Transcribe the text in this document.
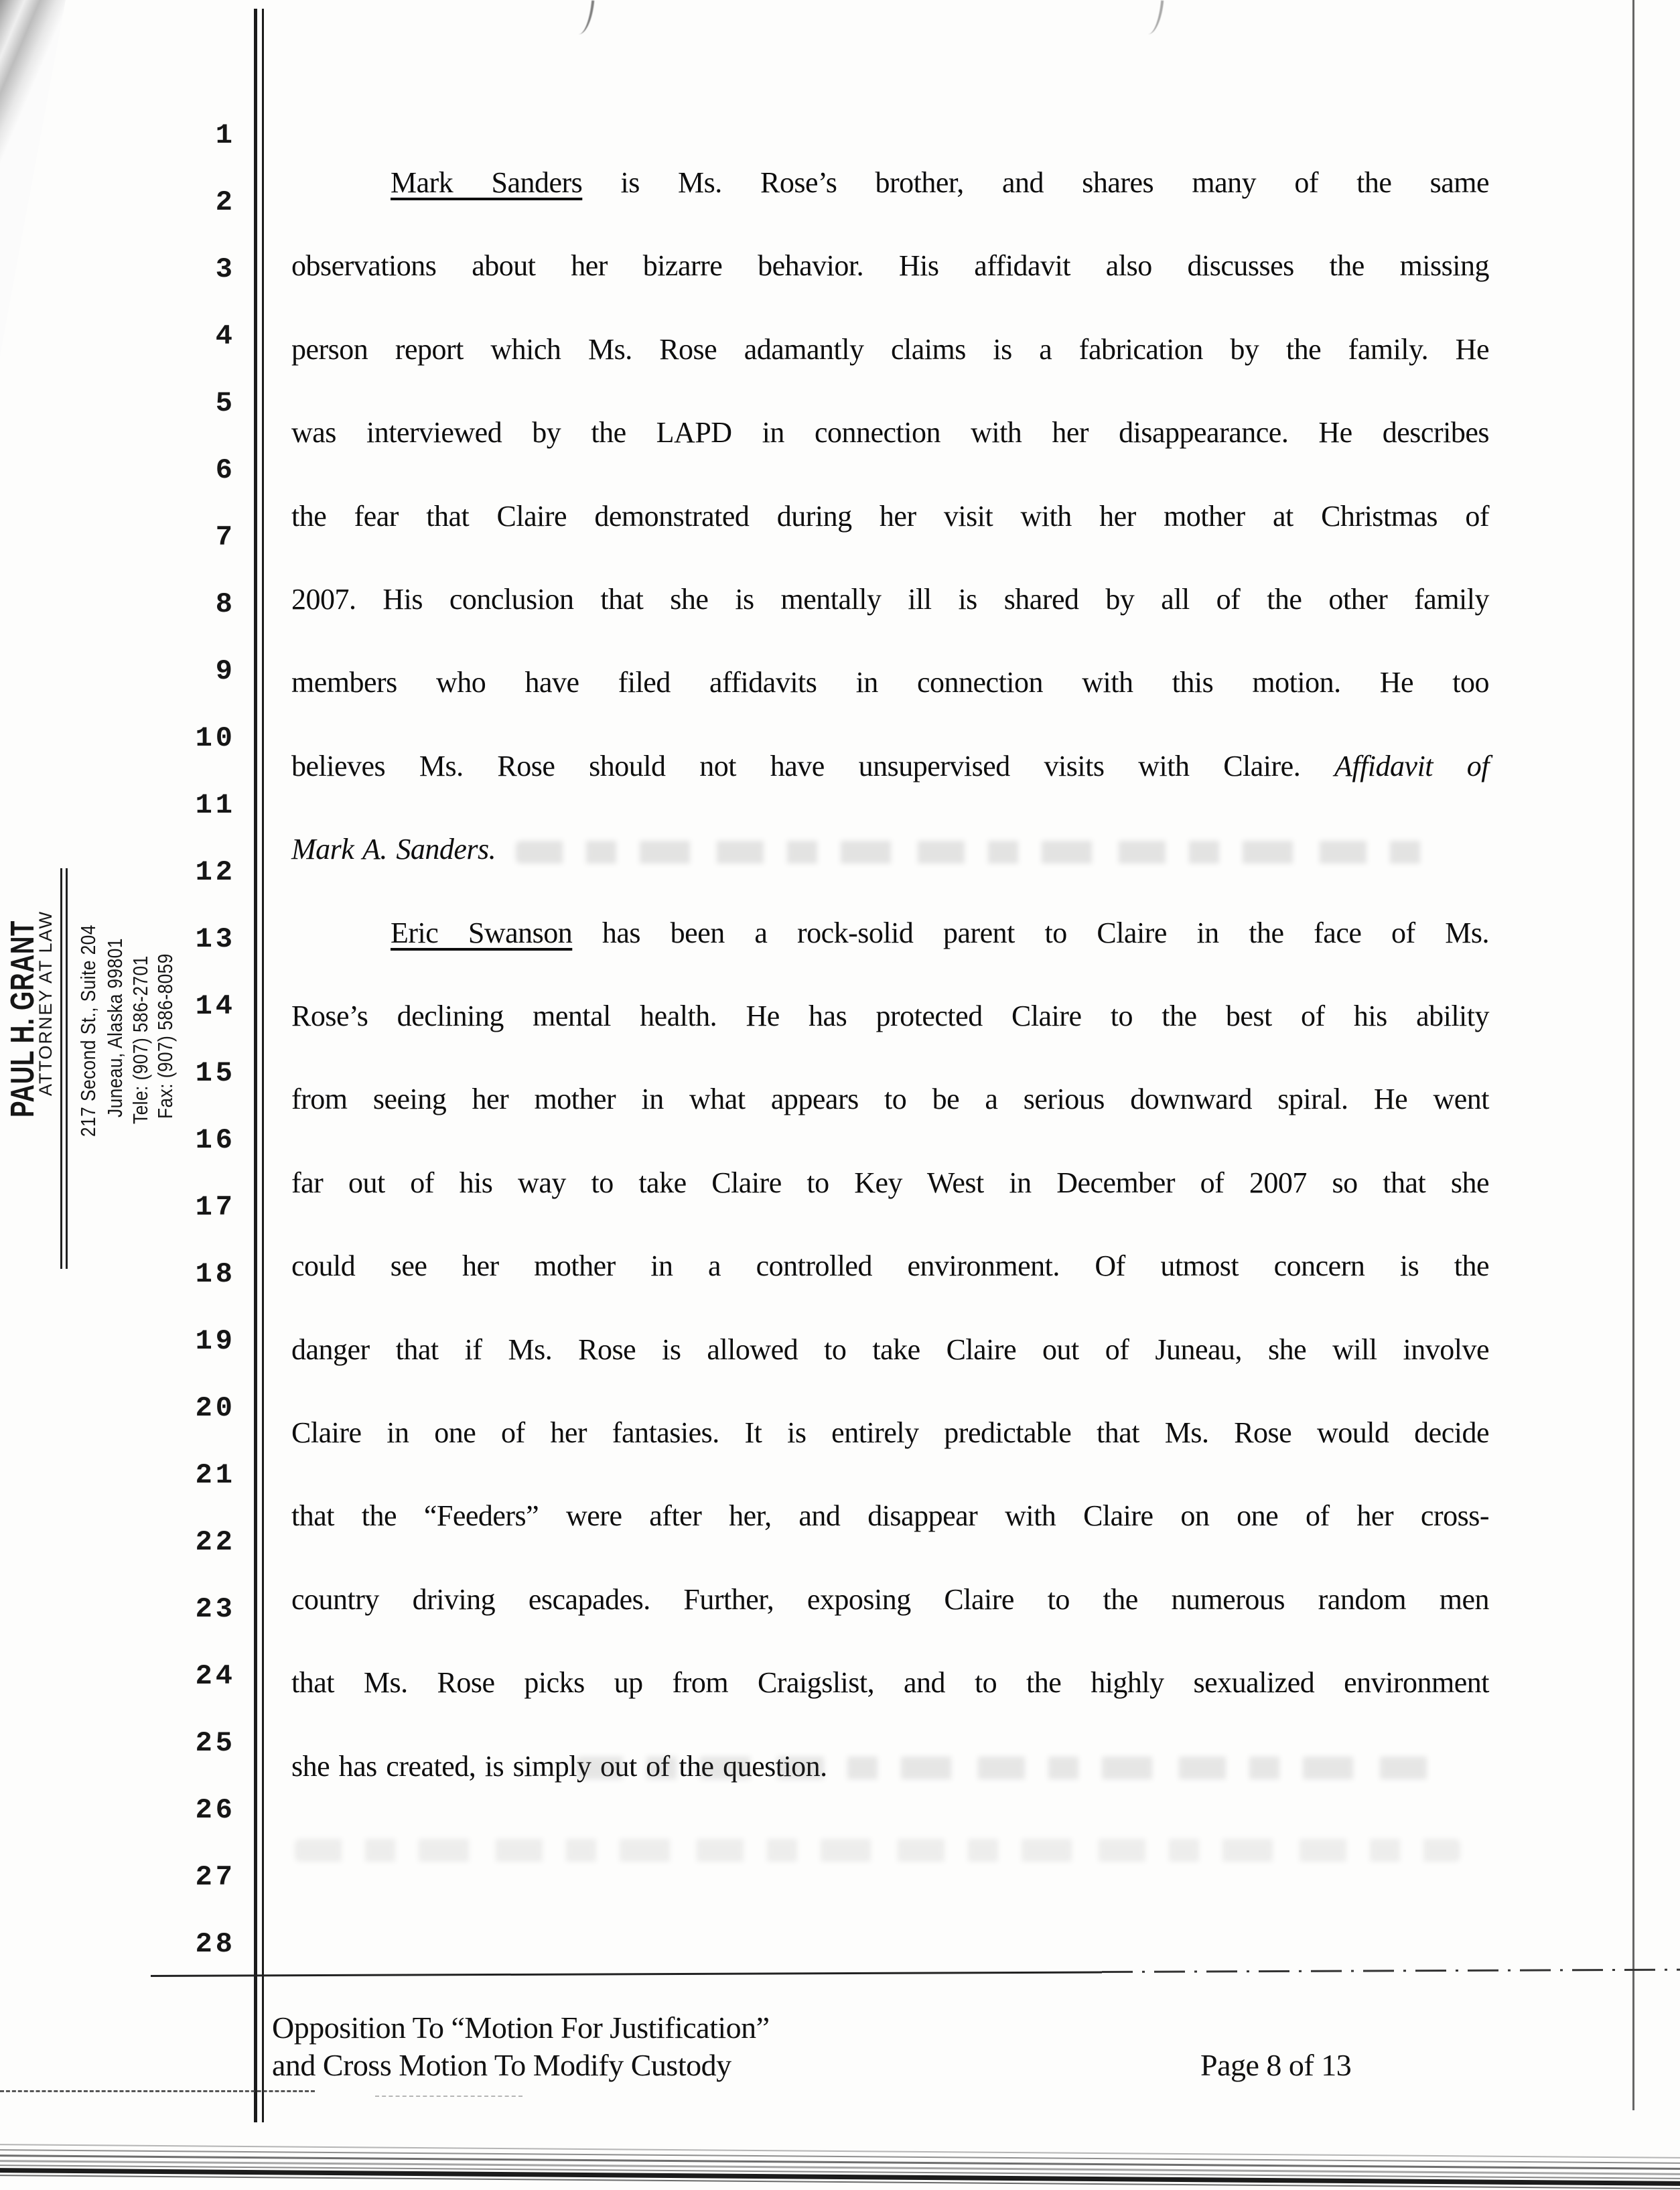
1
2
3
4
5
6
7
8
9
10
11
12
13
14
15
16
17
18
19
20
21
22
23
24
25
26
27
28
PAUL H. GRANT
ATTORNEY AT LAW 217 Second St., Suite 204 Juneau, Alaska 99801 Tele: (907) 586-2701 Fax: (907) 586-8059
Mark Sanders is Ms. Rose’s brother, and shares many of the same
observations about her bizarre behavior. His affidavit also discusses the missing
person report which Ms. Rose adamantly claims is a fabrication by the family. He
was interviewed by the LAPD in connection with her disappearance. He describes
the fear that Claire demonstrated during her visit with her mother at Christmas of
2007. His conclusion that she is mentally ill is shared by all of the other family
members who have filed affidavits in connection with this motion. He too
believes Ms. Rose should not have unsupervised visits with Claire. Affidavit of
Mark A. Sanders.
Eric Swanson has been a rock-solid parent to Claire in the face of Ms.
Rose’s declining mental health. He has protected Claire to the best of his ability
from seeing her mother in what appears to be a serious downward spiral. He went
far out of his way to take Claire to Key West in December of 2007 so that she
could see her mother in a controlled environment. Of utmost concern is the
danger that if Ms. Rose is allowed to take Claire out of Juneau, she will involve
Claire in one of her fantasies. It is entirely predictable that Ms. Rose would decide
that the “Feeders” were after her, and disappear with Claire on one of her cross-
country driving escapades. Further, exposing Claire to the numerous random men
that Ms. Rose picks up from Craigslist, and to the highly sexualized environment
she has created, is simply out of the question.
Opposition To “Motion For Justification”
and Cross Motion To Modify Custody	Page 8 of 13
